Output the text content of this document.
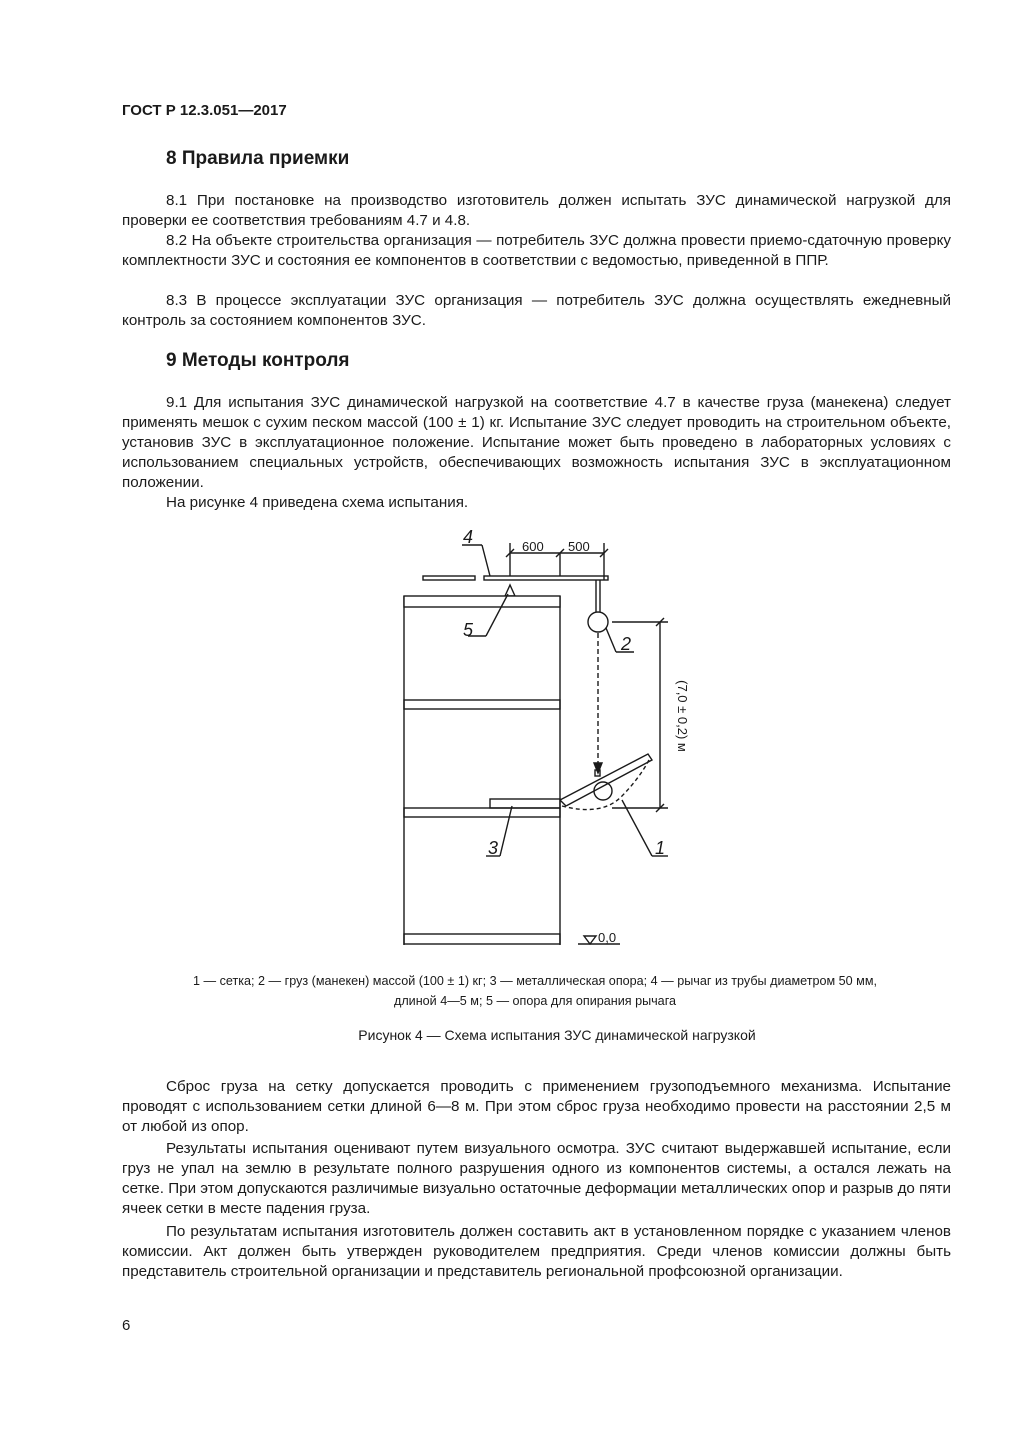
ГОСТ Р 12.3.051—2017
8 Правила приемки

8.1 При постановке на производство изготовитель должен испытать ЗУС динамической нагрузкой для проверки ее соответствия требованиям 4.7 и 4.8.

8.2 На объекте строительства организация — потребитель ЗУС должна провести приемо-сдаточную проверку комплектности ЗУС и состояния ее компонентов в соответствии с ведомостью, приведенной в ППР.

8.3 В процессе эксплуатации ЗУС организация — потребитель ЗУС должна осуществлять ежедневный контроль за состоянием компонентов ЗУС.

9 Методы контроля

9.1 Для испытания ЗУС динамической нагрузкой на соответствие 4.7 в качестве груза (манекена) следует применять мешок с сухим песком массой (100 ± 1) кг. Испытание ЗУС следует проводить на строительном объекте, установив ЗУС в эксплуатационное положение. Испытание может быть проведено в лабораторных условиях с использованием специальных устройств, обеспечивающих возможность испытания ЗУС в эксплуатационном положении.

На рисунке 4 приведена схема испытания.

600 500
0,0
(7,0 ± 0,2) м
4
5
2
3	1
1 — сетка; 2 — груз (манекен) массой (100 ± 1) кг; 3 — металлическая опора; 4 — рычаг из трубы диаметром 50 мм,
длиной 4—5 м; 5 — опора для опирания рычага
Рисунок 4 — Схема испытания ЗУС динамической нагрузкой

Сброс груза на сетку допускается проводить с применением грузоподъемного механизма. Испытание проводят с использованием сетки длиной 6—8 м. При этом сброс груза необходимо провести на расстоянии 2,5 м от любой из опор.

Результаты испытания оценивают путем визуального осмотра. ЗУС считают выдержавшей испытание, если груз не упал на землю в результате полного разрушения одного из компонентов системы, а остался лежать на сетке. При этом допускаются различимые визуально остаточные деформации металлических опор и разрыв до пяти ячеек сетки в месте падения груза.

По результатам испытания изготовитель должен составить акт в установленном порядке с указанием членов комиссии. Акт должен быть утвержден руководителем предприятия. Среди членов комиссии должны быть представитель строительной организации и представитель региональной профсоюзной организации.

6
